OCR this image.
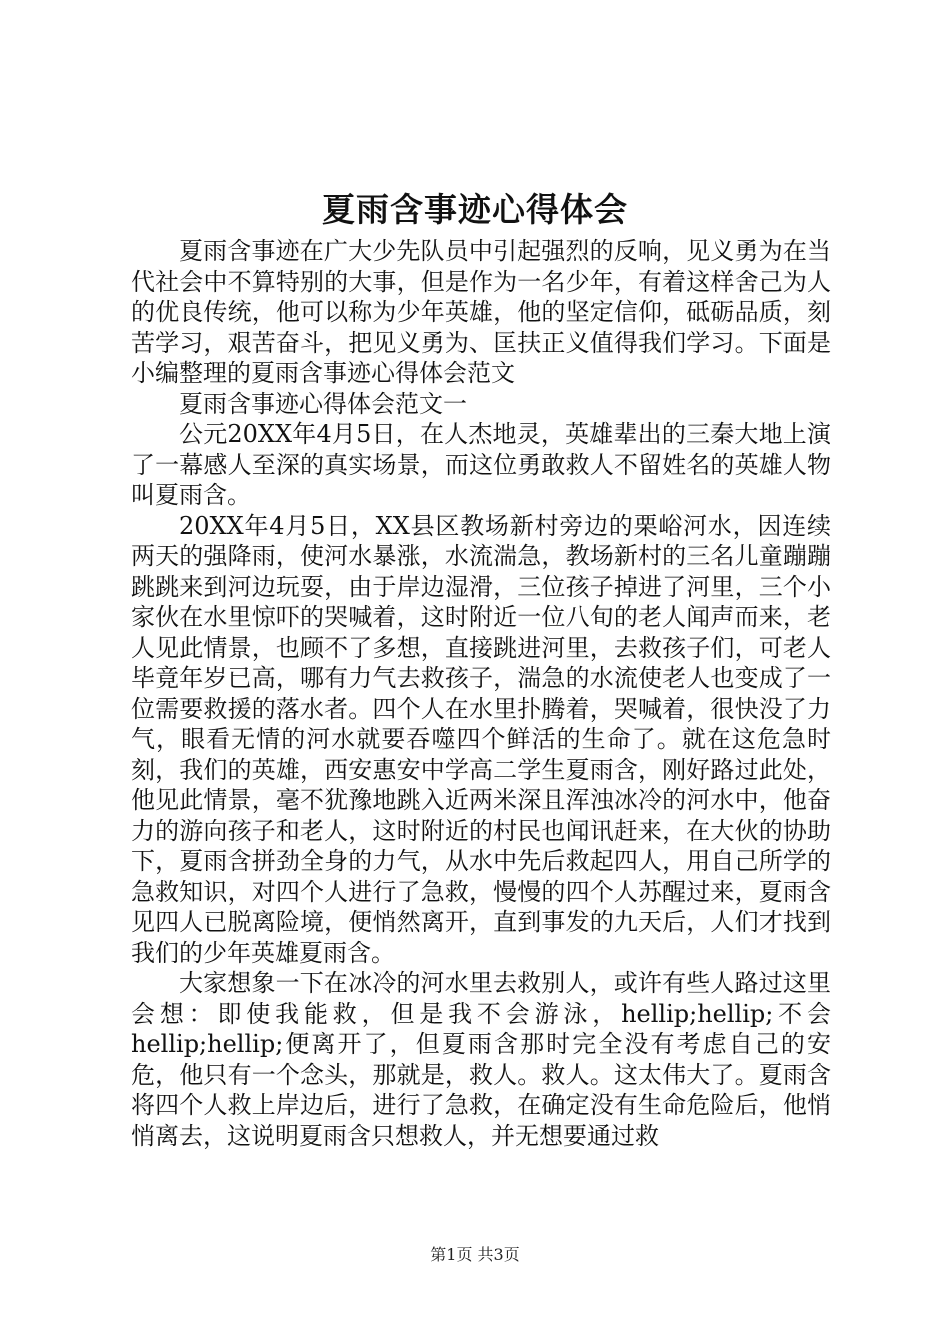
夏雨含事迹心得体会

夏雨含事迹在广大少先队员中引起强烈的反响，见义勇为在当代社会中不算特别的大事，但是作为一名少年，有着这样舍己为人的优良传统，他可以称为少年英雄，他的坚定信仰，砥砺品质，刻苦学习，艰苦奋斗，把见义勇为、匡扶正义值得我们学习。下面是小编整理的夏雨含事迹心得体会范文

夏雨含事迹心得体会范文一

公元20XX年4月5日，在人杰地灵，英雄辈出的三秦大地上演了一幕感人至深的真实场景，而这位勇敢救人不留姓名的英雄人物叫夏雨含。

20XX年4月5日，XX县区教场新村旁边的栗峪河水，因连续两天的强降雨，使河水暴涨，水流湍急，教场新村的三名儿童蹦蹦跳跳来到河边玩耍，由于岸边湿滑，三位孩子掉进了河里，三个小家伙在水里惊吓的哭喊着，这时附近一位八旬的老人闻声而来，老人见此情景，也顾不了多想，直接跳进河里，去救孩子们，可老人毕竟年岁已高，哪有力气去救孩子，湍急的水流使老人也变成了一位需要救援的落水者。四个人在水里扑腾着，哭喊着，很快没了力气，眼看无情的河水就要吞噬四个鲜活的生命了。就在这危急时刻，我们的英雄，西安惠安中学高二学生夏雨含，刚好路过此处，他见此情景，毫不犹豫地跳入近两米深且浑浊冰冷的河水中，他奋力的游向孩子和老人，这时附近的村民也闻讯赶来，在大伙的协助下，夏雨含拼劲全身的力气，从水中先后救起四人，用自己所学的急救知识，对四个人进行了急救，慢慢的四个人苏醒过来，夏雨含见四人已脱离险境，便悄然离开，直到事发的九天后，人们才找到我们的少年英雄夏雨含。

大家想象一下在冰冷的河水里去救别人，或许有些人路过这里会想：即使我能救，但是我不会游泳，hellip;hellip;不会hellip;hellip;便离开了，但夏雨含那时完全没有考虑自己的安危，他只有一个念头，那就是，救人。救人。这太伟大了。夏雨含将四个人救上岸边后，进行了急救，在确定没有生命危险后，他悄悄离去，这说明夏雨含只想救人，并无想要通过救

第1页 共3页
